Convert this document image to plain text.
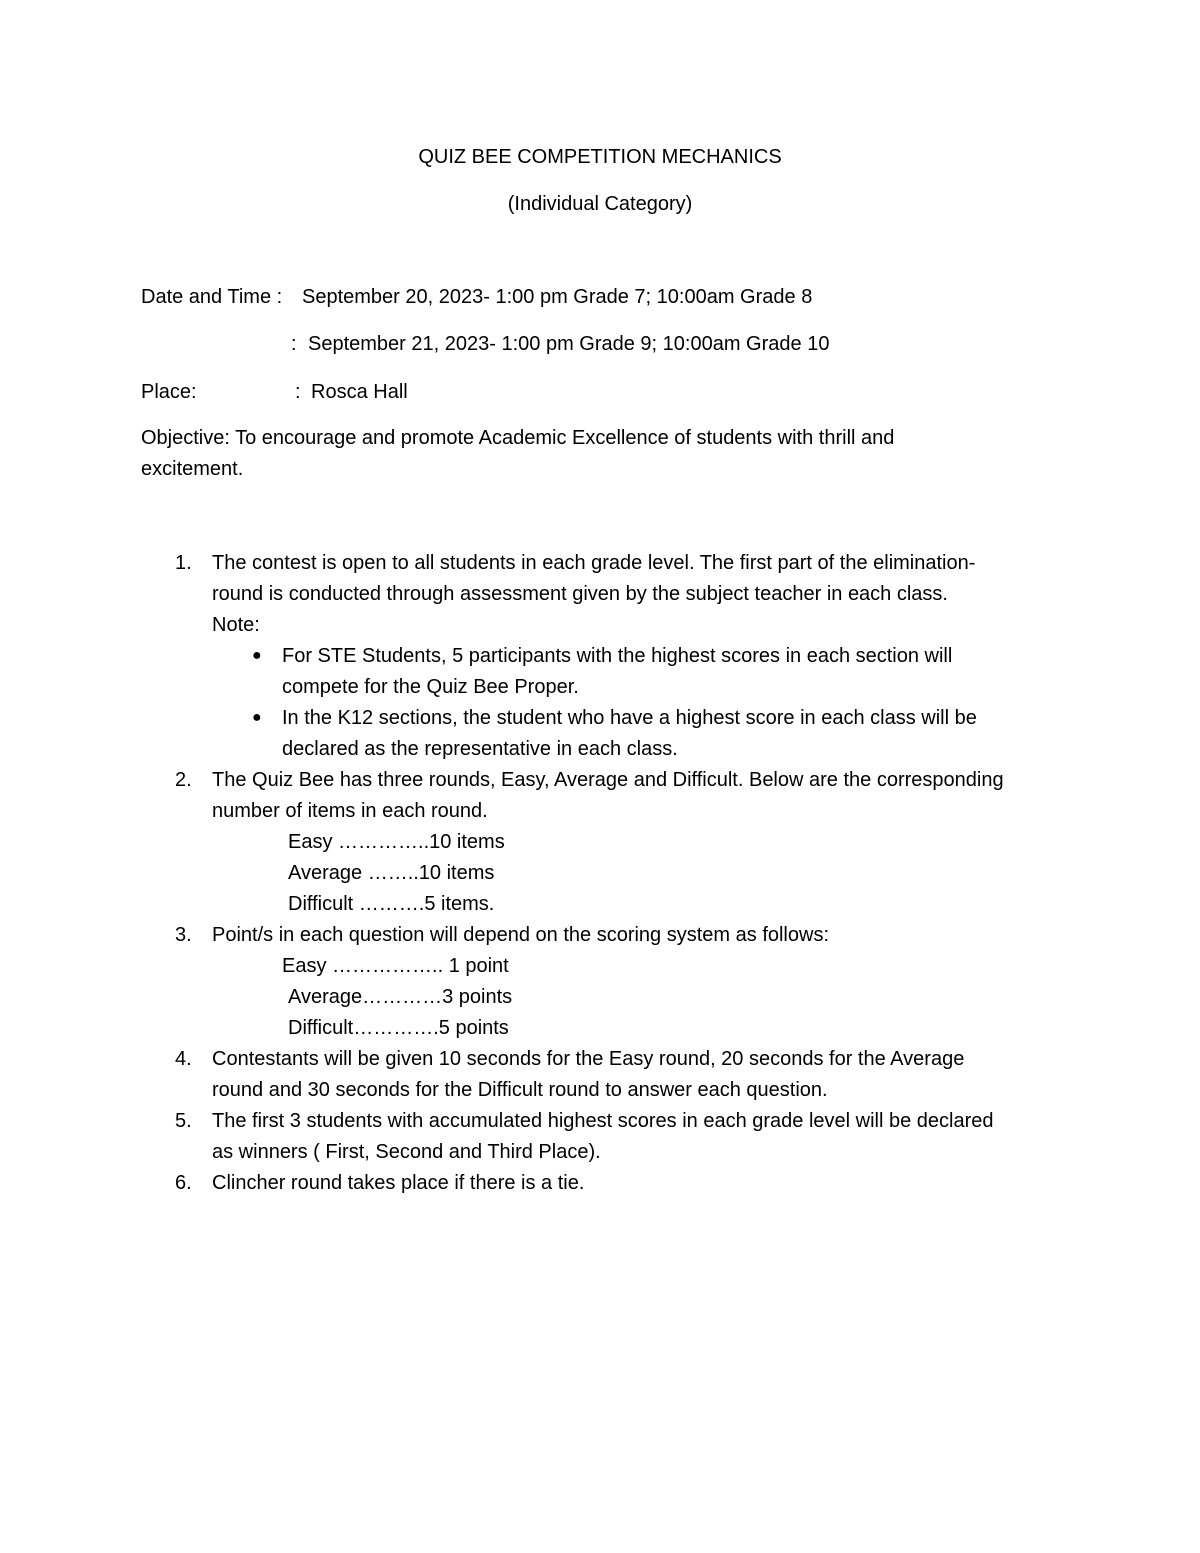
QUIZ BEE COMPETITION MECHANICS
(Individual Category)
Date and Time : September 20, 2023- 1:00 pm Grade 7; 10:00am Grade 8
: September 21, 2023- 1:00 pm Grade 9; 10:00am Grade 10
Place:	: Rosca Hall
Objective: To encourage and promote Academic Excellence of students with thrill and
excitement.
1. The contest is open to all students in each grade level. The first part of the elimination-
round is conducted through assessment given by the subject teacher in each class.
Note:
● For STE Students, 5 participants with the highest scores in each section will
compete for the Quiz Bee Proper.
● In the K12 sections, the student who have a highest score in each class will be
declared as the representative in each class.
2. The Quiz Bee has three rounds, Easy, Average and Difficult. Below are the corresponding
number of items in each round.
Easy …………..10 items
Average ……..10 items
Difficult ……….5 items.
3. Point/s in each question will depend on the scoring system as follows:
Easy …………….. 1 point
Average…………3 points
Difficult………….5 points
4. Contestants will be given 10 seconds for the Easy round, 20 seconds for the Average
round and 30 seconds for the Difficult round to answer each question.
5. The first 3 students with accumulated highest scores in each grade level will be declared
as winners ( First, Second and Third Place).
6. Clincher round takes place if there is a tie.
